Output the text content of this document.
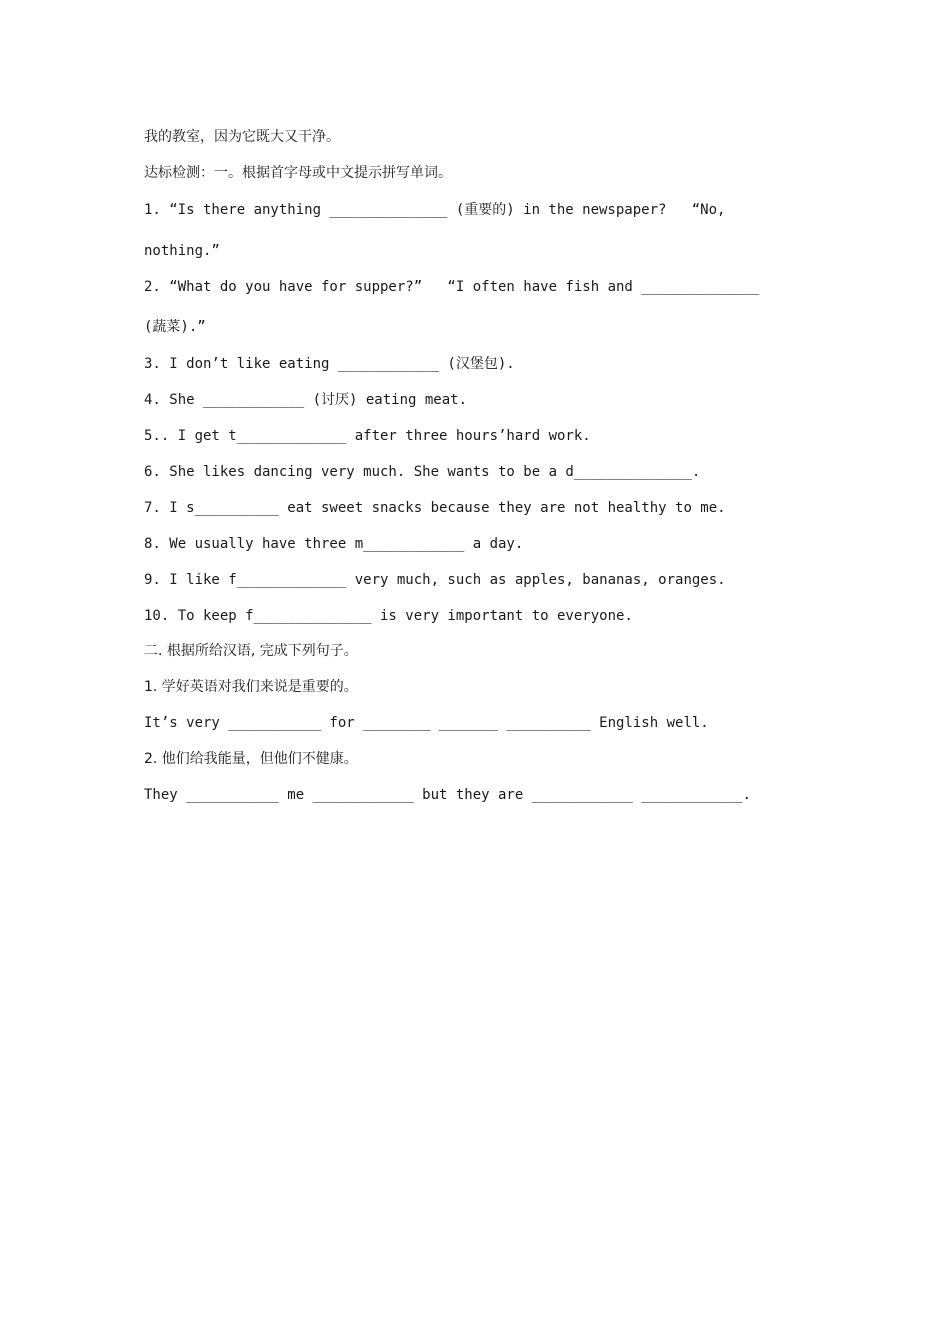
我的教室，因为它既大又干净。
达标检测：一。根据首字母或中文提示拼写单词。
1. “Is there anything ______________ (重要的) in the newspaper?   “No,
nothing.”
2. “What do you have for supper?”   “I often have fish and ______________
(蔬菜).”
3. I don’t like eating ____________ (汉堡包).
4. She ____________ (讨厌) eating meat.
5.. I get t_____________ after three hours’hard work.
6. She likes dancing very much. She wants to be a d______________.
7. I s__________ eat sweet snacks because they are not healthy to me.
8. We usually have three m____________ a day.
9. I like f_____________ very much, such as apples, bananas, oranges.
10. To keep f______________ is very important to everyone.
二. 根据所给汉语, 完成下列句子。
1. 学好英语对我们来说是重要的。
It’s very ___________ for ________ _______ __________ English well.
2. 他们给我能量，但他们不健康。
They ___________ me ____________ but they are ____________ ____________.
